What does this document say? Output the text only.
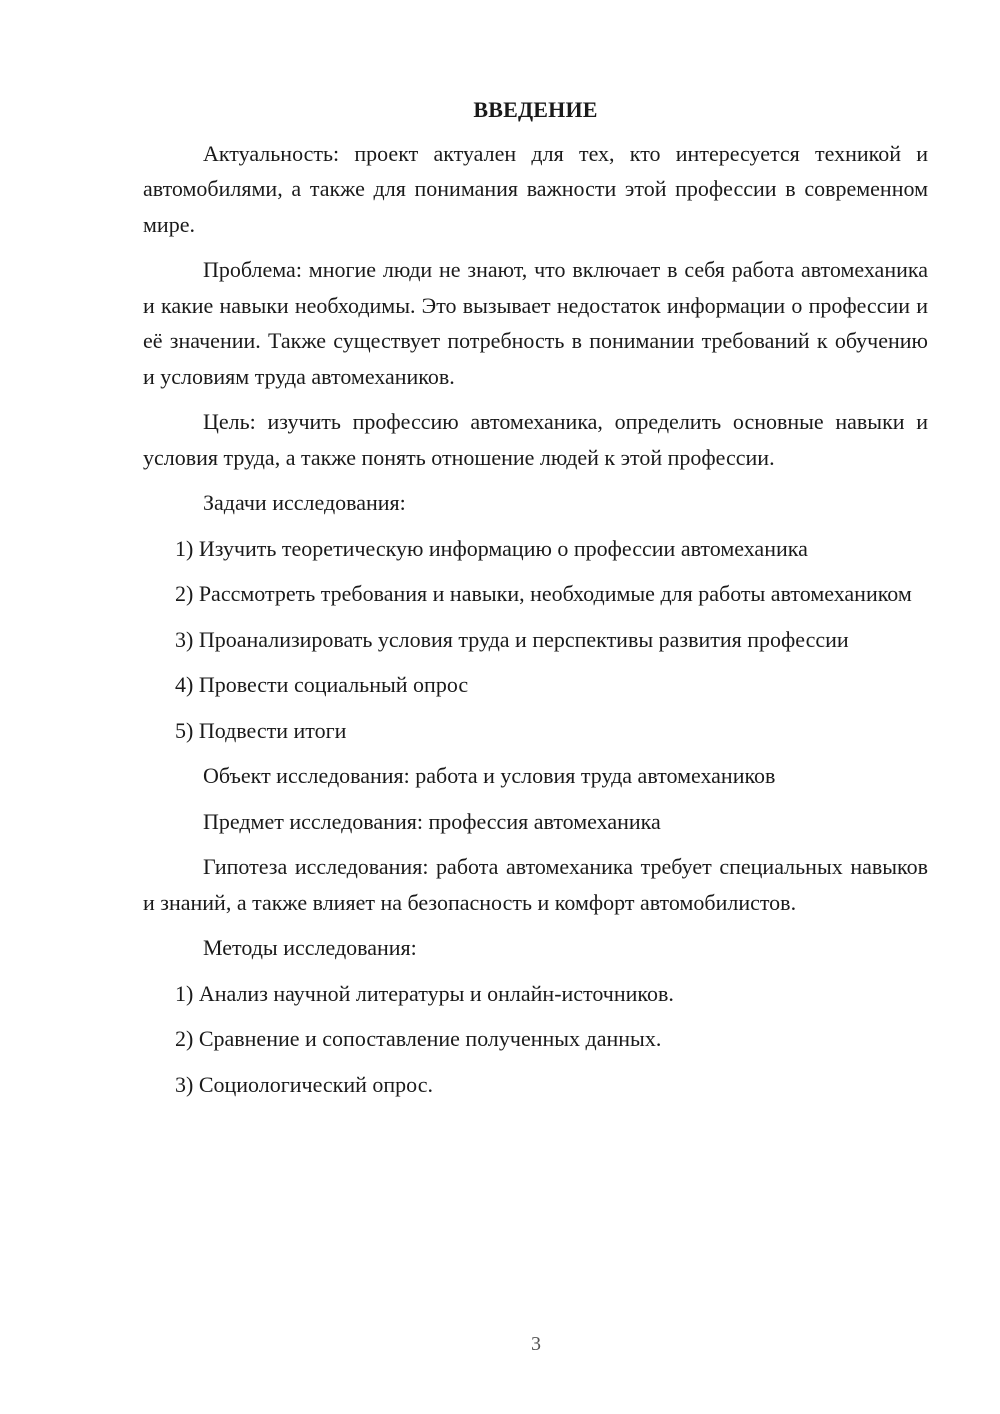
ВВЕДЕНИЕ
Актуальность: проект актуален для тех, кто интересуется техникой и автомобилями, а также для понимания важности этой профессии в современном мире.
Проблема: многие люди не знают, что включает в себя работа автомеханика и какие навыки необходимы. Это вызывает недостаток информации о профессии и её значении. Также существует потребность в понимании требований к обучению и условиям труда автомехаников.
Цель: изучить профессию автомеханика, определить основные навыки и условия труда, а также понять отношение людей к этой профессии.
Задачи исследования:
1) Изучить теоретическую информацию о профессии автомеханика
2) Рассмотреть требования и навыки, необходимые для работы автомехаником
3) Проанализировать условия труда и перспективы развития профессии
4) Провести социальный опрос
5) Подвести итоги
Объект исследования: работа и условия труда автомехаников
Предмет исследования: профессия автомеханика
Гипотеза исследования: работа автомеханика требует специальных навыков и знаний, а также влияет на безопасность и комфорт автомобилистов.
Методы исследования:
1) Анализ научной литературы и онлайн-источников.
2) Сравнение и сопоставление полученных данных.
3) Социологический опрос.
3
